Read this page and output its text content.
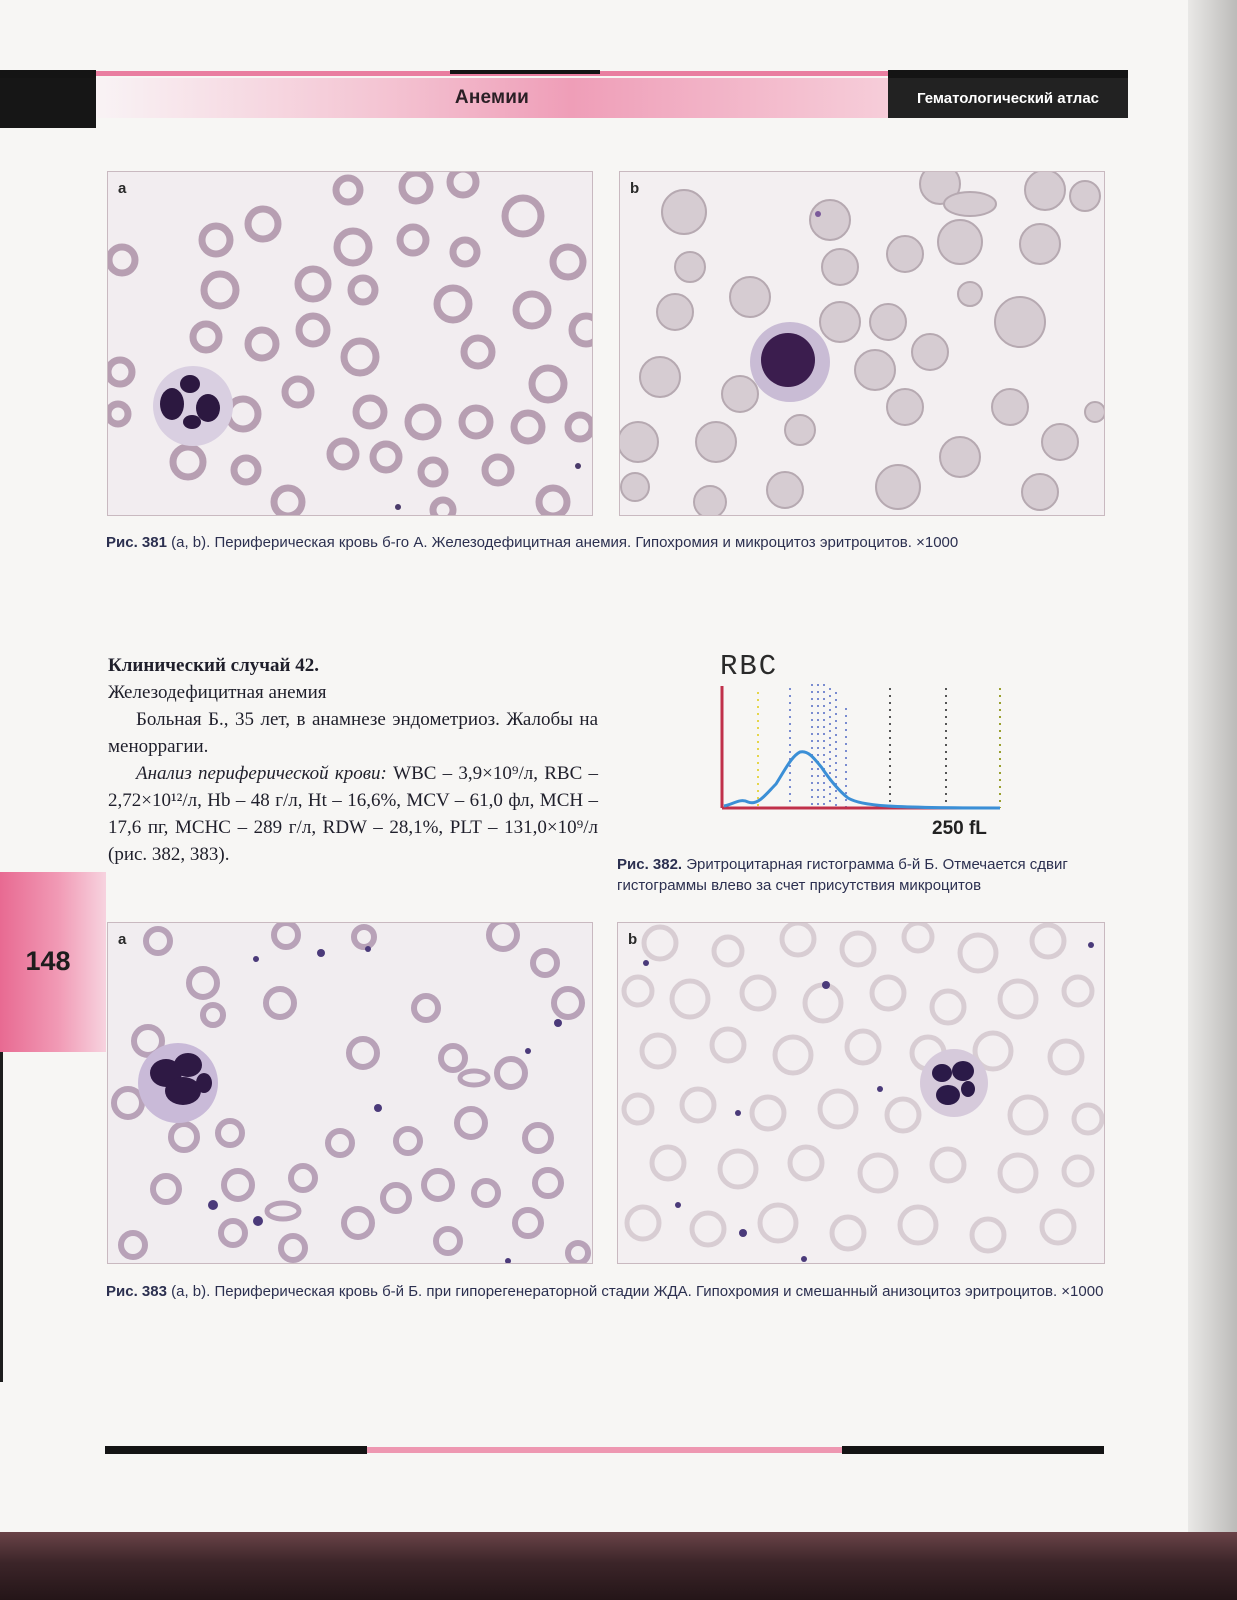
Анемии	Гематологический атлас
a	b
Рис. 381 (a, b). Периферическая кровь б-го А. Железодефицитная анемия. Гипохромия и микроцитоз эритроцитов. ×1000

Клинический случай 42.

Железодефицитная анемия

Больная Б., 35 лет, в анамнезе эндометриоз. Жалобы на меноррагии.

Анализ периферической крови: WBC – 3,9×10⁹/л, RBC – 2,72×10¹²/л, Hb – 48 г/л, Ht – 16,6%, MCV – 61,0 фл, MCH – 17,6 пг, MCHC – 289 г/л, RDW – 28,1%, PLT – 131,0×10⁹/л (рис. 382, 383).

RBC
250 fL
Рис. 382. Эритроцитарная гистограмма б-й Б. Отмечается сдвиг гистограммы влево за счет присутствия микроцитов
148
a	b
Рис. 383 (a, b). Периферическая кровь б-й Б. при гипорегенераторной стадии ЖДА. Гипохромия и смешанный анизоцитоз эритроцитов. ×1000
